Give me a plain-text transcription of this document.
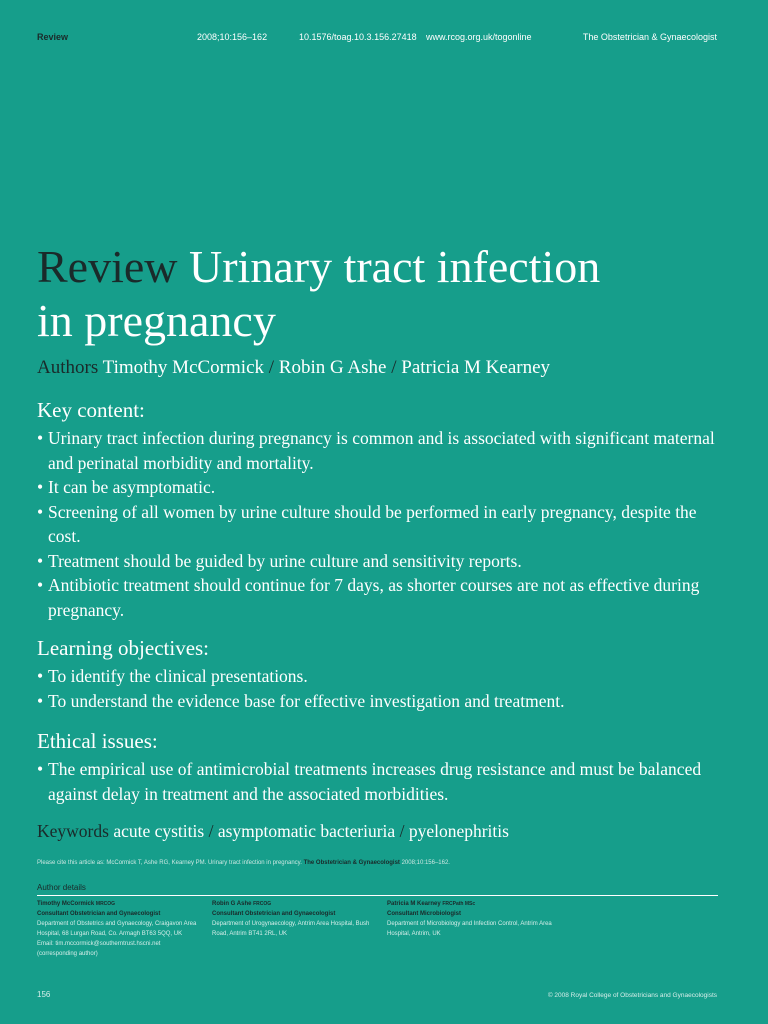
Review	2008;10:156–162	10.1576/toag.10.3.156.27418 www.rcog.org.uk/togonline	The Obstetrician & Gynaecologist
Review Urinary tract infection
in pregnancy
Authors Timothy McCormick / Robin G Ashe / Patricia M Kearney
Key content:
• Urinary tract infection during pregnancy is common and is associated with significant maternal and perinatal morbidity and mortality.
• It can be asymptomatic.
• Screening of all women by urine culture should be performed in early pregnancy, despite the cost.
• Treatment should be guided by urine culture and sensitivity reports.
• Antibiotic treatment should continue for 7 days, as shorter courses are not as effective during pregnancy.
Learning objectives:
• To identify the clinical presentations.
• To understand the evidence base for effective investigation and treatment.
Ethical issues:
• The empirical use of antimicrobial treatments increases drug resistance and must be balanced against delay in treatment and the associated morbidities.
Keywords acute cystitis / asymptomatic bacteriuria / pyelonephritis
Please cite this article as: McCormick T, Ashe RG, Kearney PM. Urinary tract infection in pregnancy. The Obstetrician & Gynaecologist 2008;10:156–162.
Author details
Timothy McCormick MRCOG
Consultant Obstetrician and Gynaecologist
Department of Obstetrics and Gynaecology, Craigavon Area Hospital, 68 Lurgan Road, Co. Armagh BT63 5QQ, UK
Email: tim.mccormick@southerntrust.hscni.net
(corresponding author)
Robin G Ashe FRCOG
Consultant Obstetrician and Gynaecologist
Department of Urogynaecology, Antrim Area Hospital, Bush Road, Antrim BT41 2RL, UK
Patricia M Kearney FRCPath MSc
Consultant Microbiologist
Department of Microbiology and Infection Control, Antrim Area Hospital, Antrim, UK
156	© 2008 Royal College of Obstetricians and Gynaecologists
